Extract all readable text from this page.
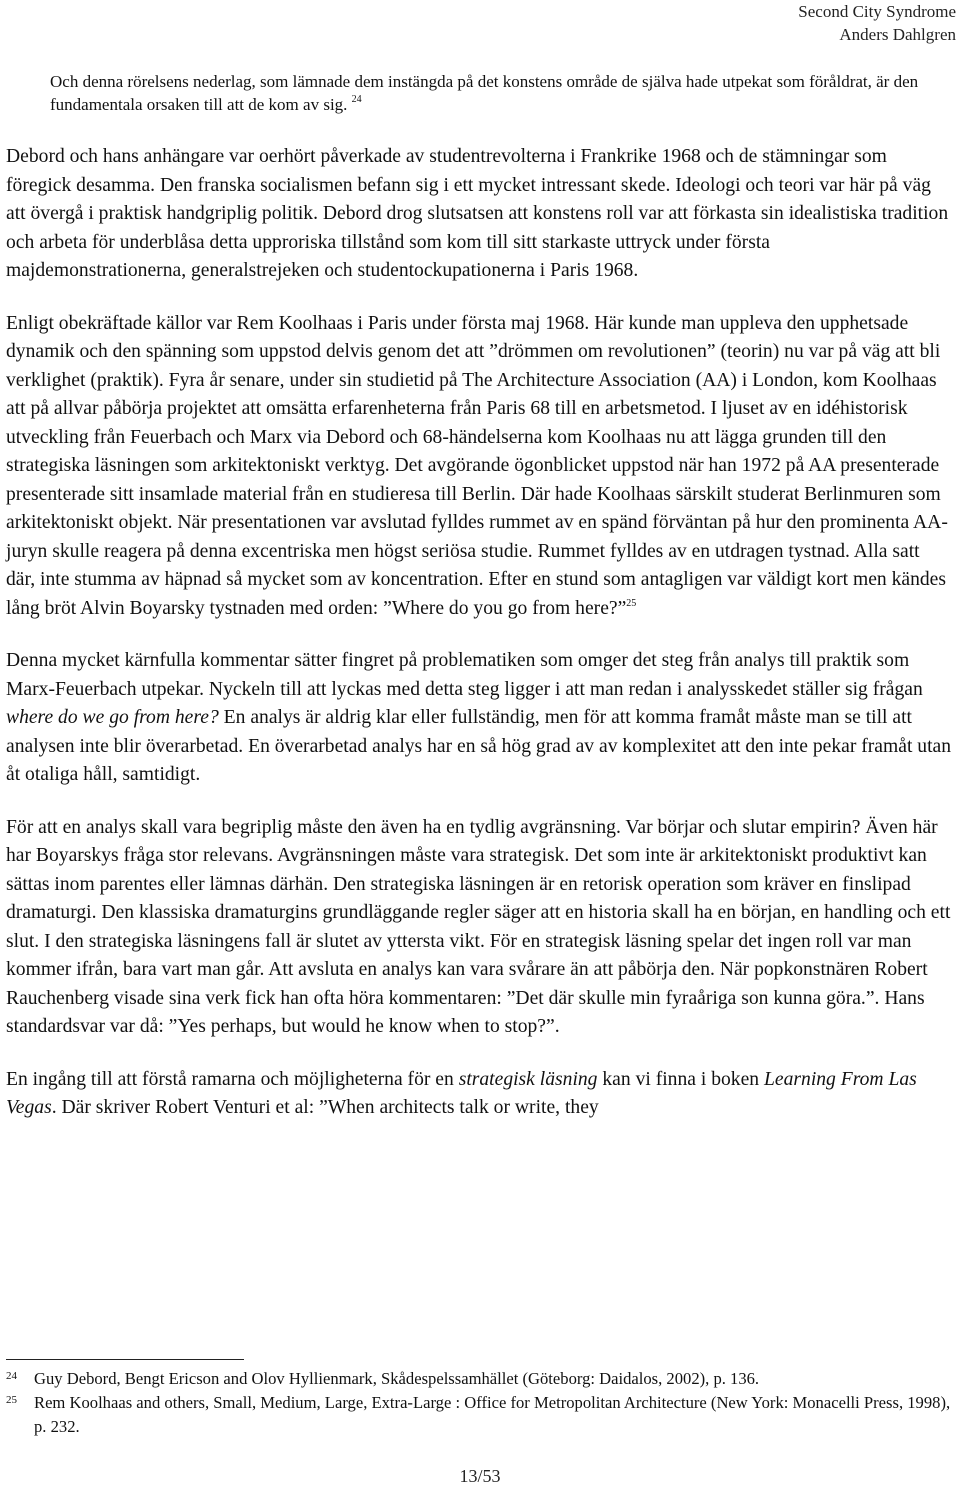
Second City Syndrome
Anders Dahlgren

Och denna rörelsens nederlag, som lämnade dem instängda på det konstens område de själva hade utpekat som föråldrat, är den fundamentala orsaken till att de kom av sig. $^{24}$

Debord och hans anhängare var oerhört påverkade av studentrevolterna i Frankrike 1968 och de stämningar som föregick desamma. Den franska socialismen befann sig i ett mycket intressant skede. Ideologi och teori var här på väg att övergå i praktisk handgriplig politik. Debord drog slutsatsen att konstens roll var att förkasta sin idealistiska tradition och arbeta för underblåsa detta upproriska tillstånd som kom till sitt starkaste uttryck under första majdemonstrationerna, generalstrejeken och studentockupationerna i Paris 1968.

Enligt obekräftade källor var Rem Koolhaas i Paris under första maj 1968. Här kunde man uppleva den upphetsade dynamik och den spänning som uppstod delvis genom det att ”drömmen om revolutionen” (teorin) nu var på väg att bli verklighet (praktik). Fyra år senare, under sin studietid på The Architecture Association (AA) i London, kom Koolhaas att på allvar påbörja projektet att omsätta erfarenheterna från Paris 68 till en arbetsmetod. I ljuset av en idéhistorisk utveckling från Feuerbach och Marx via Debord och 68-händelserna kom Koolhaas nu att lägga grunden till den strategiska läsningen som arkitektoniskt verktyg. Det avgörande ögonblicket uppstod när han 1972 på AA presenterade presenterade sitt insamlade material från en studieresa till Berlin. Där hade Koolhaas särskilt studerat Berlinmuren som arkitektoniskt objekt. När presentationen var avslutad fylldes rummet av en spänd förväntan på hur den prominenta AA-juryn skulle reagera på denna excentriska men högst seriösa studie. Rummet fylldes av en utdragen tystnad. Alla satt där, inte stumma av häpnad så mycket som av koncentration. Efter en stund som antagligen var väldigt kort men kändes lång bröt Alvin Boyarsky tystnaden med orden: ”Where do you go from here?”$^{25}$

Denna mycket kärnfulla kommentar sätter fingret på problematiken som omger det steg från analys till praktik som Marx-Feuerbach utpekar. Nyckeln till att lyckas med detta steg ligger i att man redan i analysskedet ställer sig frågan where do we go from here? En analys är aldrig klar eller fullständig, men för att komma framåt måste man se till att analysen inte blir överarbetad. En överarbetad analys har en så hög grad av av komplexitet att den inte pekar framåt utan åt otaliga håll, samtidigt.

För att en analys skall vara begriplig måste den även ha en tydlig avgränsning. Var börjar och slutar empirin? Även här har Boyarskys fråga stor relevans. Avgränsningen måste vara strategisk. Det som inte är arkitektoniskt produktivt kan sättas inom parentes eller lämnas därhän. Den strategiska läsningen är en retorisk operation som kräver en finslipad dramaturgi. Den klassiska dramaturgins grundläggande regler säger att en historia skall ha en början, en handling och ett slut. I den strategiska läsningens fall är slutet av yttersta vikt. För en strategisk läsning spelar det ingen roll var man kommer ifrån, bara vart man går. Att avsluta en analys kan vara svårare än att påbörja den. När popkonstnären Robert Rauchenberg visade sina verk fick han ofta höra kommentaren: ”Det där skulle min fyraåriga son kunna göra.”. Hans standardsvar var då: ”Yes perhaps, but would he know when to stop?”.

En ingång till att förstå ramarna och möjligheterna för en strategisk läsning kan vi finna i boken Learning From Las Vegas. Där skriver Robert Venturi et al: ”When architects talk or write, they

24 Guy Debord, Bengt Ericson and Olov Hyllienmark, Skådespelssamhället (Göteborg: Daidalos, 2002), p. 136.

25 Rem Koolhaas and others, Small, Medium, Large, Extra-Large : Office for Metropolitan Architecture (New York: Monacelli Press, 1998), p. 232.

13/53
